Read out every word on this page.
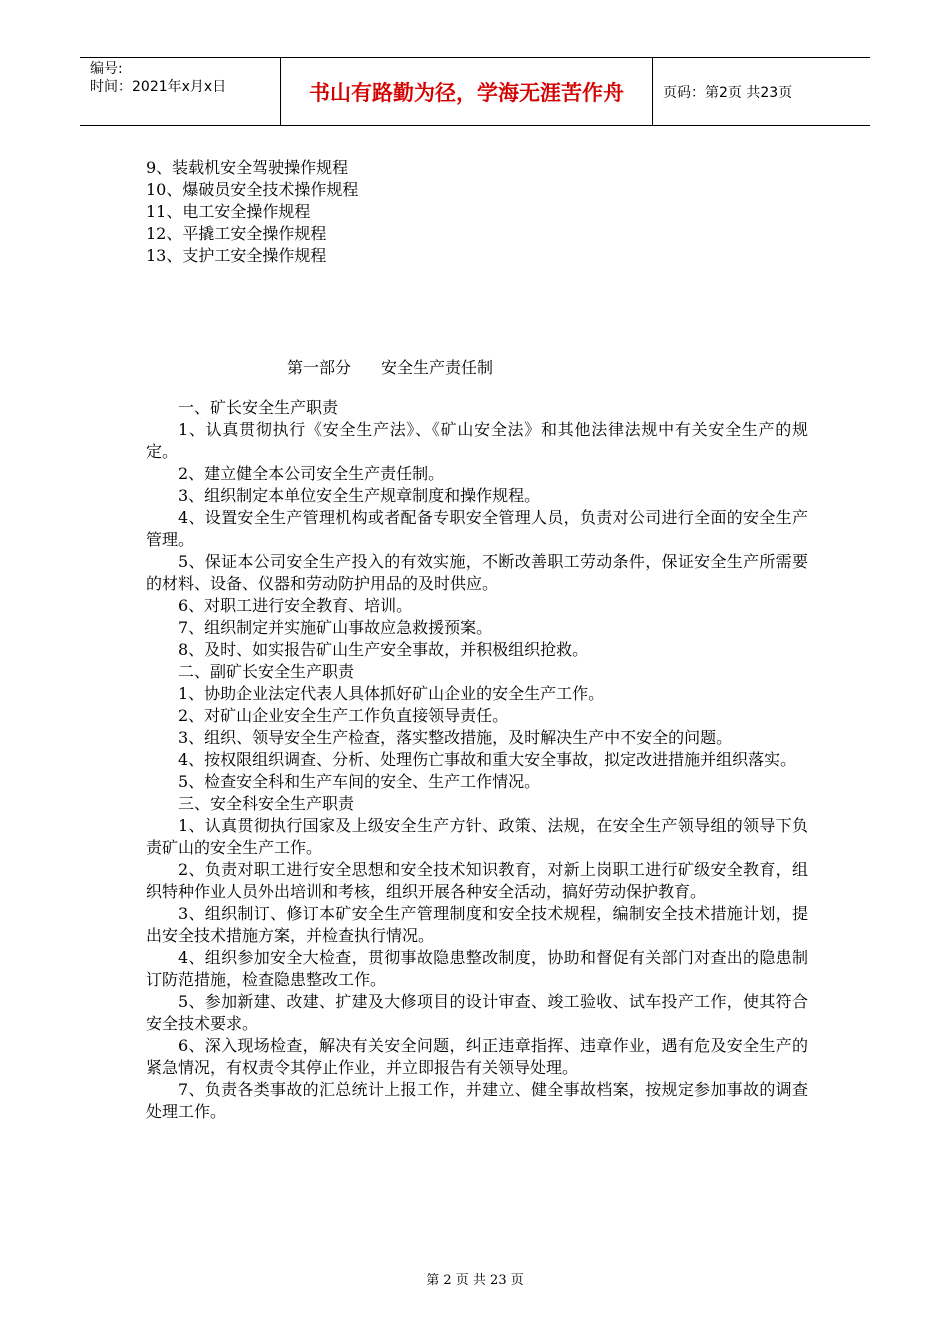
编号:
时间：2021年x月x日	书山有路勤为径，学海无涯苦作舟	页码：第2页 共23页
9、装载机安全驾驶操作规程
10、爆破员安全技术操作规程
11、电工安全操作规程
12、平撬工安全操作规程
13、支护工安全操作规程
第一部分 安全生产责任制

一、矿长安全生产职责

1、认真贯彻执行《安全生产法》、《矿山安全法》和其他法律法规中有关安全生产的规定。

2、建立健全本公司安全生产责任制。

3、组织制定本单位安全生产规章制度和操作规程。

4、设置安全生产管理机构或者配备专职安全管理人员，负责对公司进行全面的安全生产管理。

5、保证本公司安全生产投入的有效实施，不断改善职工劳动条件，保证安全生产所需要的材料、设备、仪器和劳动防护用品的及时供应。

6、对职工进行安全教育、培训。

7、组织制定并实施矿山事故应急救援预案。

8、及时、如实报告矿山生产安全事故，并积极组织抢救。

二、副矿长安全生产职责

1、协助企业法定代表人具体抓好矿山企业的安全生产工作。

2、对矿山企业安全生产工作负直接领导责任。

3、组织、领导安全生产检查，落实整改措施，及时解决生产中不安全的问题。

4、按权限组织调查、分析、处理伤亡事故和重大安全事故，拟定改进措施并组织落实。

5、检查安全科和生产车间的安全、生产工作情况。

三、安全科安全生产职责

1、认真贯彻执行国家及上级安全生产方针、政策、法规，在安全生产领导组的领导下负责矿山的安全生产工作。

2、负责对职工进行安全思想和安全技术知识教育，对新上岗职工进行矿级安全教育，组织特种作业人员外出培训和考核，组织开展各种安全活动，搞好劳动保护教育。

3、组织制订、修订本矿安全生产管理制度和安全技术规程，编制安全技术措施计划，提出安全技术措施方案，并检查执行情况。

4、组织参加安全大检查，贯彻事故隐患整改制度，协助和督促有关部门对查出的隐患制订防范措施，检查隐患整改工作。

5、参加新建、改建、扩建及大修项目的设计审查、竣工验收、试车投产工作，使其符合安全技术要求。

6、深入现场检查，解决有关安全问题，纠正违章指挥、违章作业，遇有危及安全生产的紧急情况，有权责令其停止作业，并立即报告有关领导处理。

7、负责各类事故的汇总统计上报工作，并建立、健全事故档案，按规定参加事故的调查处理工作。

第 2 页 共 23 页
